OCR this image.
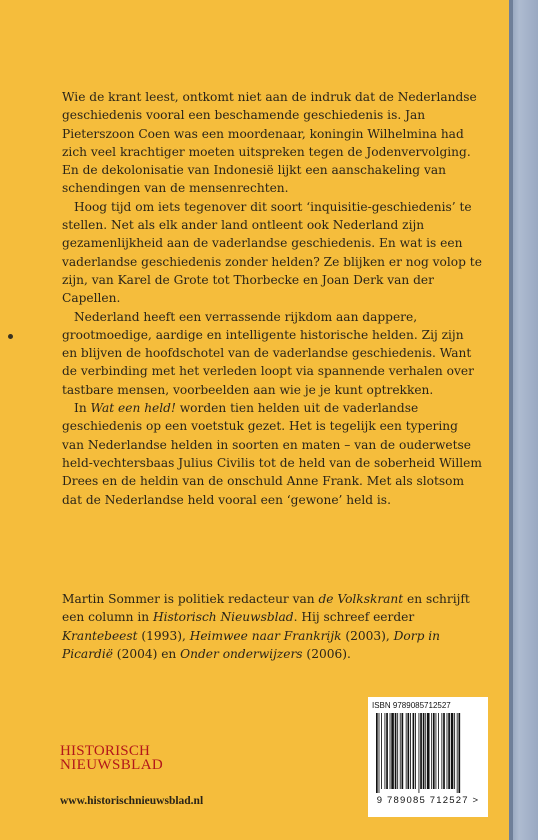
Wie de krant leest, ontkomt niet aan de indruk dat de Nederlandse geschiedenis vooral een beschamende geschiedenis is. Jan Pieterszoon Coen was een moordenaar, koningin Wilhelmina had zich veel krachtiger moeten uitspreken tegen de Jodenvervolging. En de dekolonisatie van Indonesië lijkt een aanschakeling van schendingen van de mensenrechten.

Hoog tijd om iets tegenover dit soort ‘inquisitie-geschiedenis’ te stellen. Net als elk ander land ontleent ook Nederland zijn gezamenlijkheid aan de vaderlandse geschiedenis. En wat is een vaderlandse geschiedenis zonder helden? Ze blijken er nog volop te zijn, van Karel de Grote tot Thorbecke en Joan Derk van der Capellen.

Nederland heeft een verrassende rijkdom aan dappere, grootmoedige, aardige en intelligente historische helden. Zij zijn en blijven de hoofdschotel van de vaderlandse geschiedenis. Want de verbinding met het verleden loopt via spannende verhalen over tastbare mensen, voorbeelden aan wie je je kunt optrekken.

In Wat een held! worden tien helden uit de vaderlandse geschiedenis op een voetstuk gezet. Het is tegelijk een typering van Nederlandse helden in soorten en maten – van de ouderwetse held-vechtersbaas Julius Civilis tot de held van de soberheid Willem Drees en de heldin van de onschuld Anne Frank. Met als slotsom dat de Nederlandse held vooral een ‘gewone’ held is.

Martin Sommer is politiek redacteur van de Volkskrant en schrijft een column in Historisch Nieuwsblad. Hij schreef eerder Krantebeest (1993), Heimwee naar Frankrijk (2003), Dorp in Picardië (2004) en Onder onderwijzers (2006).

HISTORISCH
NIEUWSBLAD
www.historischnieuwsblad.nl
ISBN 9789085712527
9 789085 712527 >
